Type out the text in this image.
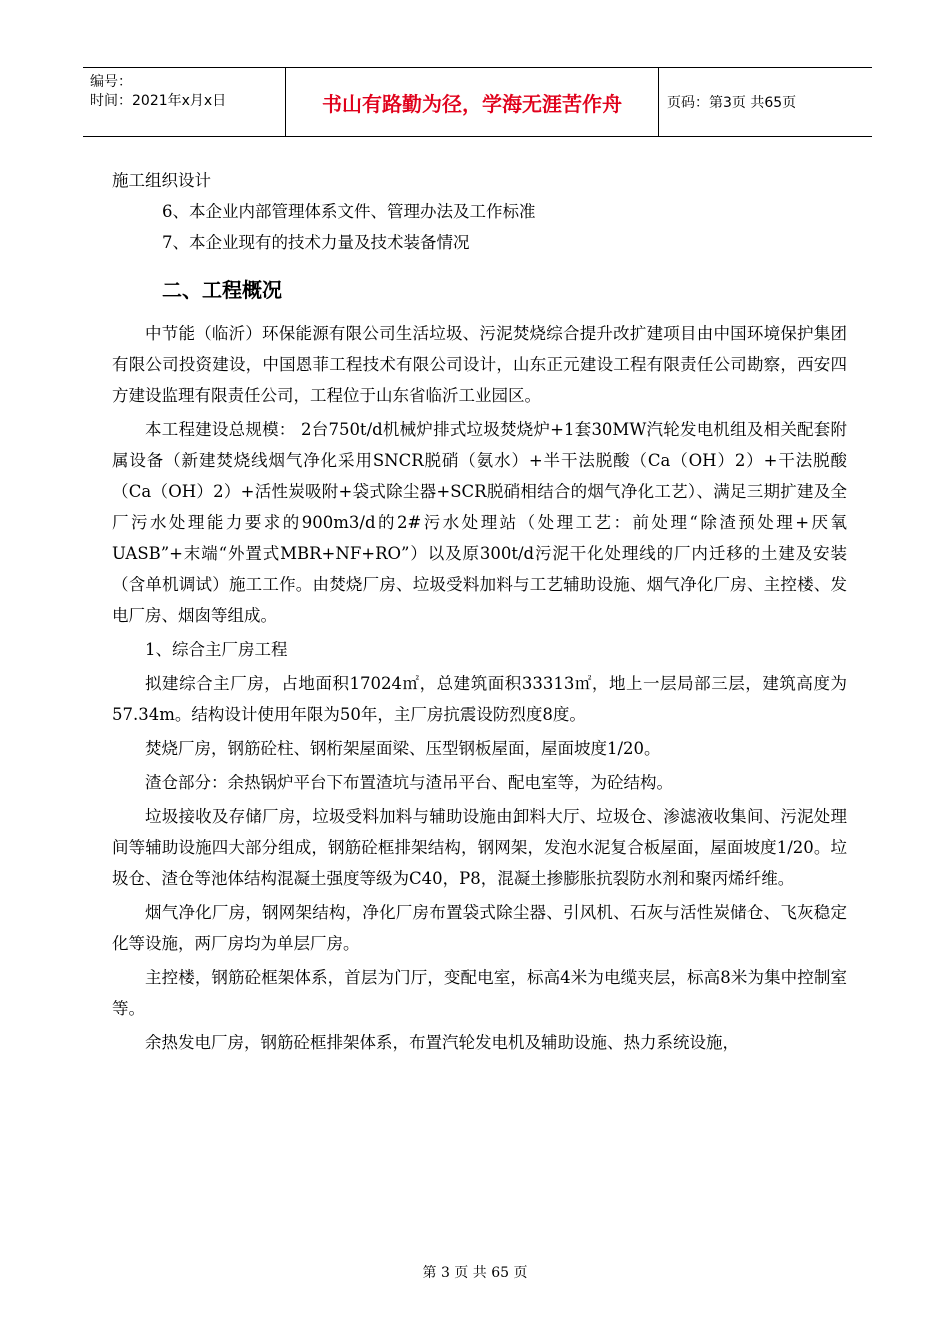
编号：
时间：2021年x月x日	书山有路勤为径，学海无涯苦作舟	页码：第3页 共65页

施工组织设计

6、本企业内部管理体系文件、管理办法及工作标准

7、本企业现有的技术力量及技术装备情况

二、工程概况

中节能（临沂）环保能源有限公司生活垃圾、污泥焚烧综合提升改扩建项目由中国环境保护集团有限公司投资建设，中国恩菲工程技术有限公司设计，山东正元建设工程有限责任公司勘察，西安四方建设监理有限责任公司，工程位于山东省临沂工业园区。

本工程建设总规模： 2台750t/d机械炉排式垃圾焚烧炉+1套30MW汽轮发电机组及相关配套附属设备（新建焚烧线烟气净化采用SNCR脱硝（氨水）+半干法脱酸（Ca（OH）2）+干法脱酸（Ca（OH）2）+活性炭吸附+袋式除尘器+SCR脱硝相结合的烟气净化工艺）、满足三期扩建及全厂污水处理能力要求的900m3/d的2#污水处理站（处理工艺：前处理“除渣预处理+厌氧UASB”+末端“外置式MBR+NF+RO”）以及原300t/d污泥干化处理线的厂内迁移的土建及安装（含单机调试）施工工作。由焚烧厂房、垃圾受料加料与工艺辅助设施、烟气净化厂房、主控楼、发电厂房、烟囱等组成。

1、综合主厂房工程

拟建综合主厂房，占地面积17024㎡，总建筑面积33313㎡，地上一层局部三层，建筑高度为57.34m。结构设计使用年限为50年，主厂房抗震设防烈度8度。

焚烧厂房，钢筋砼柱、钢桁架屋面梁、压型钢板屋面，屋面坡度1/20。

渣仓部分：余热锅炉平台下布置渣坑与渣吊平台、配电室等，为砼结构。

垃圾接收及存储厂房，垃圾受料加料与辅助设施由卸料大厅、垃圾仓、渗滤液收集间、污泥处理间等辅助设施四大部分组成，钢筋砼框排架结构，钢网架，发泡水泥复合板屋面，屋面坡度1/20。垃圾仓、渣仓等池体结构混凝土强度等级为C40，P8，混凝土掺膨胀抗裂防水剂和聚丙烯纤维。

烟气净化厂房，钢网架结构，净化厂房布置袋式除尘器、引风机、石灰与活性炭储仓、飞灰稳定化等设施，两厂房均为单层厂房。

主控楼，钢筋砼框架体系，首层为门厅，变配电室，标高4米为电缆夹层，标高8米为集中控制室等。

余热发电厂房，钢筋砼框排架体系，布置汽轮发电机及辅助设施、热力系统设施，

第 3 页 共 65 页
